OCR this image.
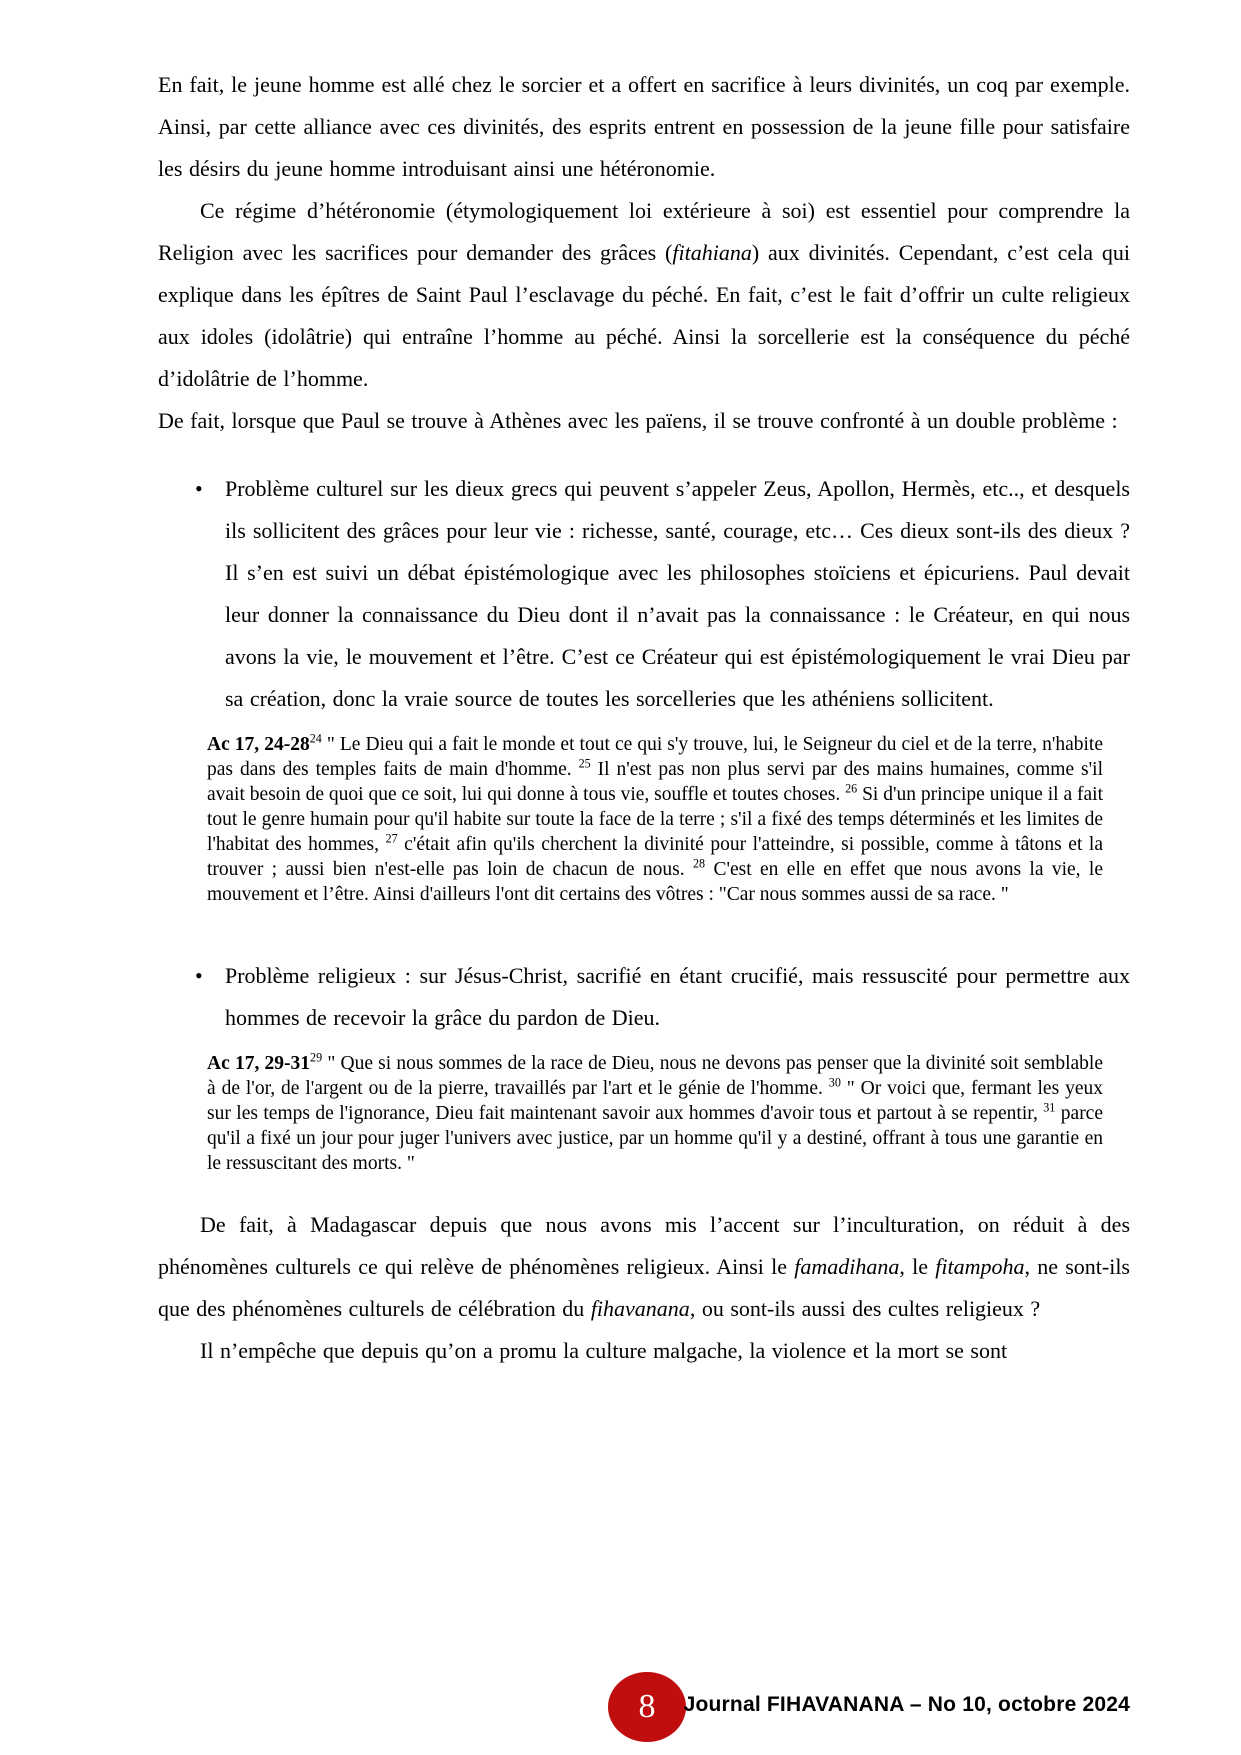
En fait, le jeune homme est allé chez le sorcier et a offert en sacrifice à leurs divinités, un coq par exemple. Ainsi, par cette alliance avec ces divinités, des esprits entrent en possession de la jeune fille pour satisfaire les désirs du jeune homme introduisant ainsi une hétéronomie.

Ce régime d’hétéronomie (étymologiquement loi extérieure à soi) est essentiel pour comprendre la Religion avec les sacrifices pour demander des grâces (fitahiana) aux divinités. Cependant, c’est cela qui explique dans les épîtres de Saint Paul l’esclavage du péché. En fait, c’est le fait d’offrir un culte religieux aux idoles (idolâtrie) qui entraîne l’homme au péché. Ainsi la sorcellerie est la conséquence du péché d’idolâtrie de l’homme.

De fait, lorsque que Paul se trouve à Athènes avec les païens, il se trouve confronté à un double problème :

•	Problème culturel sur les dieux grecs qui peuvent s’appeler Zeus, Apollon, Hermès, etc.., et desquels ils sollicitent des grâces pour leur vie : richesse, santé, courage, etc… Ces dieux sont-ils des dieux ? Il s’en est suivi un débat épistémologique avec les philosophes stoïciens et épicuriens. Paul devait leur donner la connaissance du Dieu dont il n’avait pas la connaissance : le Créateur, en qui nous avons la vie, le mouvement et l’être. C’est ce Créateur qui est épistémologiquement le vrai Dieu par sa création, donc la vraie source de toutes les sorcelleries que les athéniens sollicitent.

Ac 17, $24-28^{24}$ " Le Dieu qui a fait le monde et tout ce qui s'y trouve, lui, le Seigneur du ciel et de la terre, n'habite pas dans des temples faits de main d'homme. $^{25}$ Il n'est pas non plus servi par des mains humaines, comme s'il avait besoin de quoi que ce soit, lui qui donne à tous vie, souffle et toutes choses. $^{26}$ Si d'un principe unique il a fait tout le genre humain pour qu'il habite sur toute la face de la terre ; s'il a fixé des temps déterminés et les limites de l'habitat des hommes, $^{27}$ c'était afin qu'ils cherchent la divinité pour l'atteindre, si possible, comme à tâtons et la trouver ; aussi bien n'est-elle pas loin de chacun de nous. $^{28}$ C'est en elle en effet que nous avons la vie, le mouvement et l’être. Ainsi d'ailleurs l'ont dit certains des vôtres : "Car nous sommes aussi de sa race. "

•	Problème religieux : sur Jésus-Christ, sacrifié en étant crucifié, mais ressuscité pour permettre aux hommes de recevoir la grâce du pardon de Dieu.

Ac 17, $29-31^{29}$ " Que si nous sommes de la race de Dieu, nous ne devons pas penser que la divinité soit semblable à de l'or, de l'argent ou de la pierre, travaillés par l'art et le génie de l'homme. $^{30}$ " Or voici que, fermant les yeux sur les temps de l'ignorance, Dieu fait maintenant savoir aux hommes d'avoir tous et partout à se repentir, $^{31}$ parce qu'il a fixé un jour pour juger l'univers avec justice, par un homme qu'il y a destiné, offrant à tous une garantie en le ressuscitant des morts. "

De fait, à Madagascar depuis que nous avons mis l’accent sur l’inculturation, on réduit à des phénomènes culturels ce qui relève de phénomènes religieux. Ainsi le famadihana, le fitampoha, ne sont-ils que des phénomènes culturels de célébration du fihavanana, ou sont-ils aussi des cultes religieux ?

Il n’empêche que depuis qu’on a promu la culture malgache, la violence et la mort se sont

8 Journal FIHAVANANA – No 10, octobre 2024
